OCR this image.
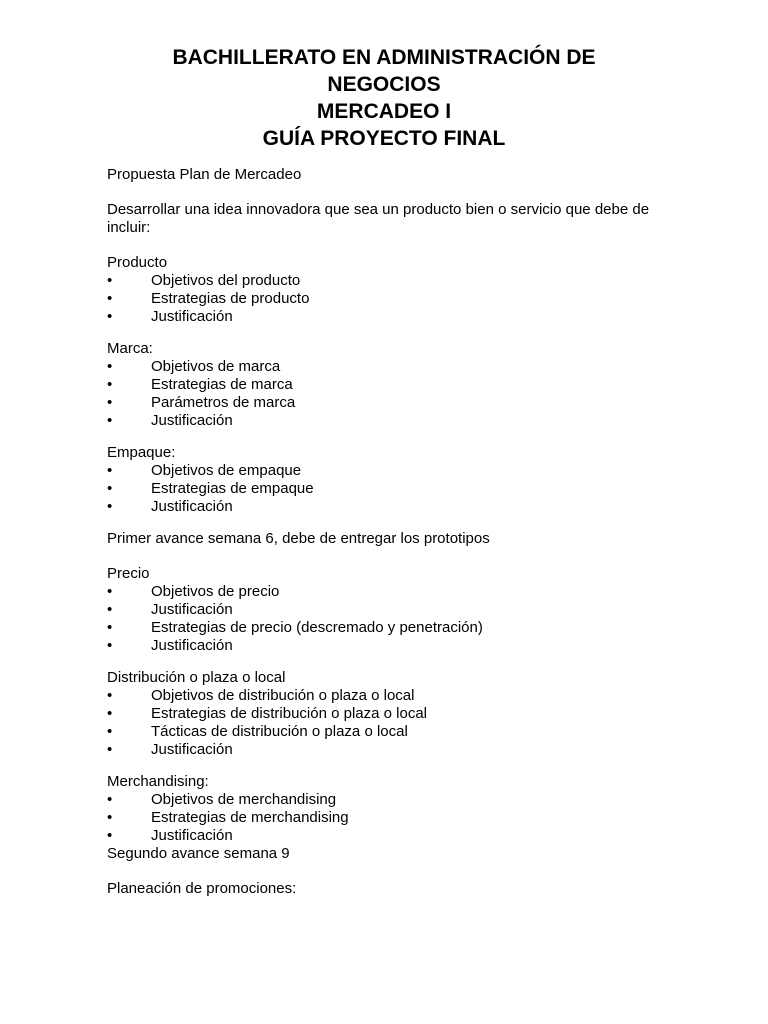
BACHILLERATO EN ADMINISTRACIÓN DE
NEGOCIOS
MERCADEO I
GUÍA PROYECTO FINAL

Propuesta Plan de Mercadeo

Desarrollar una idea innovadora que sea un producto bien o servicio que debe de incluir:

Producto
•	Objetivos del producto
•	Estrategias de producto
•	Justificación
Marca:
•	Objetivos de marca
•	Estrategias de marca
•	Parámetros de marca
•	Justificación
Empaque:
•	Objetivos de empaque
•	Estrategias de empaque
•	Justificación

Primer avance semana 6, debe de entregar los prototipos

Precio
•	Objetivos de precio
•	Justificación
•	Estrategias de precio (descremado y penetración)
•	Justificación
Distribución o plaza o local
•	Objetivos de distribución o plaza o local
•	Estrategias de distribución o plaza o local
•	Tácticas de distribución o plaza o local
•	Justificación
Merchandising:
•	Objetivos de merchandising
•	Estrategias de merchandising
•	Justificación

Segundo avance semana 9

Planeación de promociones:
